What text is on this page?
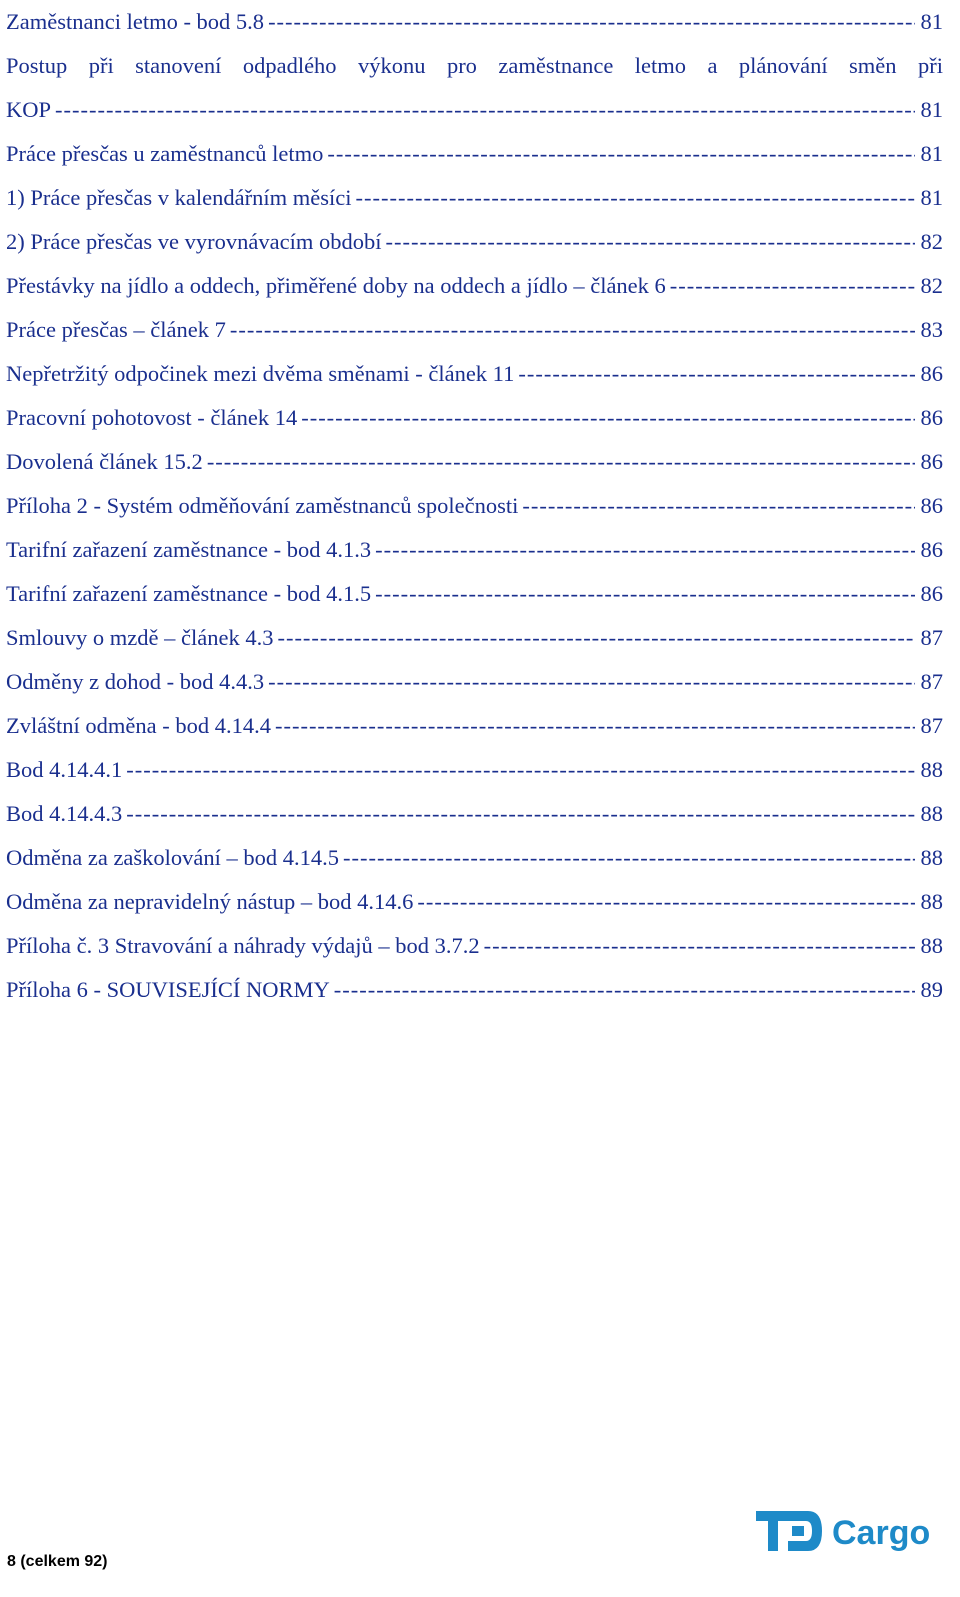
Zaměstnanci letmo - bod 5.8 -----	81
Postup při stanovení odpadlého výkonu pro zaměstnance letmo a plánování směn při
KOP -----	81
Práce přesčas u zaměstnanců letmo -----	81
1) Práce přesčas v kalendářním měsíci -----	81
2) Práce přesčas ve vyrovnávacím období -----	82
Přestávky na jídlo a oddech, přiměřené doby na oddech a jídlo – článek 6 -----	82
Práce přesčas – článek 7 -----	83
Nepřetržitý odpočinek mezi dvěma směnami - článek 11 -----	86
Pracovní pohotovost - článek 14 -----	86
Dovolená článek 15.2 -----	86
Příloha 2 - Systém odměňování zaměstnanců společnosti -----	86
Tarifní zařazení zaměstnance - bod 4.1.3 -----	86
Tarifní zařazení zaměstnance - bod 4.1.5 -----	86
Smlouvy o mzdě – článek 4.3 -----	87
Odměny z dohod - bod 4.4.3 -----	87
Zvláštní odměna - bod 4.14.4 -----	87
Bod 4.14.4.1 -----	88
Bod 4.14.4.3 -----	88
Odměna za zaškolování – bod 4.14.5 -----	88
Odměna za nepravidelný nástup – bod 4.14.6 -----	88
Příloha č. 3 Stravování a náhrady výdajů – bod 3.7.2 -----	88
Příloha 6 - SOUVISEJÍCÍ NORMY -----	89
8 (celkem 92)
Cargo
